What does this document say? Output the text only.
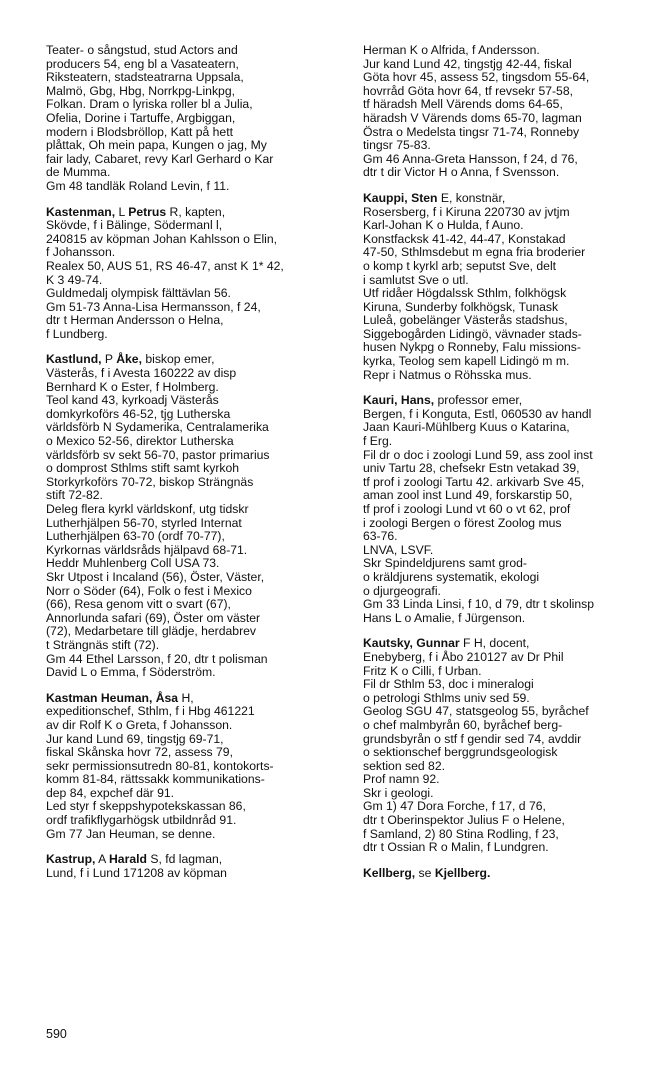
Teater- o sångstud, stud Actors and
producers 54, eng bl a Vasateatern,
Riksteatern, stadsteatrarna Uppsala,
Malmö, Gbg, Hbg, Norrkpg-Linkpg,
Folkan. Dram o lyriska roller bl a Julia,
Ofelia, Dorine i Tartuffe, Argbiggan,
modern i Blodsbröllop, Katt på hett
plåttak, Oh mein papa, Kungen o jag, My
fair lady, Cabaret, revy Karl Gerhard o Kar
de Mumma.
Gm 48 tandläk Roland Levin, f 11.
Kastenman, L Petrus R, kapten,
Skövde, f i Bälinge, Södermanl l,
240815 av köpman Johan Kahlsson o Elin,
f Johansson.
Realex 50, AUS 51, RS 46-47, anst K 1* 42,
K 3 49-74.
Guldmedalj olympisk fälttävlan 56.
Gm 51-73 Anna-Lisa Hermansson, f 24,
dtr t Herman Andersson o Helna,
f Lundberg.
Kastlund, P Åke, biskop emer,
Västerås, f i Avesta 160222 av disp
Bernhard K o Ester, f Holmberg.
Teol kand 43, kyrkoadj Västerås
domkyrkoförs 46-52, tjg Lutherska
världsförb N Sydamerika, Centralamerika
o Mexico 52-56, direktor Lutherska
världsförb sv sekt 56-70, pastor primarius
o domprost Sthlms stift samt kyrkoh
Storkyrkoförs 70-72, biskop Strängnäs
stift 72-82.
Deleg flera kyrkl världskonf, utg tidskr
Lutherhjälpen 56-70, styrled Internat
Lutherhjälpen 63-70 (ordf 70-77),
Kyrkornas världsråds hjälpavd 68-71.
Heddr Muhlenberg Coll USA 73.
Skr Utpost i Incaland (56), Öster, Väster,
Norr o Söder (64), Folk o fest i Mexico
(66), Resa genom vitt o svart (67),
Annorlunda safari (69), Öster om väster
(72), Medarbetare till glädje, herdabrev
t Strängnäs stift (72).
Gm 44 Ethel Larsson, f 20, dtr t polisman
David L o Emma, f Söderström.
Kastman Heuman, Åsa H,
expeditionschef, Sthlm, f i Hbg 461221
av dir Rolf K o Greta, f Johansson.
Jur kand Lund 69, tingstjg 69-71,
fiskal Skånska hovr 72, assess 79,
sekr permissionsutredn 80-81, kontokorts-
komm 81-84, rättssakk kommunikations-
dep 84, expchef där 91.
Led styr f skeppshypotekskassan 86,
ordf trafikflygarhögsk utbildnråd 91.
Gm 77 Jan Heuman, se denne.
Kastrup, A Harald S, fd lagman,
Lund, f i Lund 171208 av köpman
Herman K o Alfrida, f Andersson.
Jur kand Lund 42, tingstjg 42-44, fiskal
Göta hovr 45, assess 52, tingsdom 55-64,
hovrråd Göta hovr 64, tf revsekr 57-58,
tf häradsh Mell Värends doms 64-65,
häradsh V Värends doms 65-70, lagman
Östra o Medelsta tingsr 71-74, Ronneby
tingsr 75-83.
Gm 46 Anna-Greta Hansson, f 24, d 76,
dtr t dir Victor H o Anna, f Svensson.
Kauppi, Sten E, konstnär,
Rosersberg, f i Kiruna 220730 av jvtjm
Karl-Johan K o Hulda, f Auno.
Konstfacksk 41-42, 44-47, Konstakad
47-50, Sthlmsdebut m egna fria broderier
o komp t kyrkl arb; seputst Sve, delt
i samlutst Sve o utl.
Utf ridåer Högdalssk Sthlm, folkhögsk
Kiruna, Sunderby folkhögsk, Tunask
Luleå, gobelänger Västerås stadshus,
Siggebogården Lidingö, vävnader stads-
husen Nykpg o Ronneby, Falu missions-
kyrka, Teolog sem kapell Lidingö m m.
Repr i Natmus o Röhsska mus.
Kauri, Hans, professor emer,
Bergen, f i Konguta, Estl, 060530 av handl
Jaan Kauri-Mühlberg Kuus o Katarina,
f Erg.
Fil dr o doc i zoologi Lund 59, ass zool inst
univ Tartu 28, chefsekr Estn vetakad 39,
tf prof i zoologi Tartu 42. arkivarb Sve 45,
aman zool inst Lund 49, forskarstip 50,
tf prof i zoologi Lund vt 60 o vt 62, prof
i zoologi Bergen o förest Zoolog mus
63-76.
LNVA, LSVF.
Skr Spindeldjurens samt grod-
o kräldjurens systematik, ekologi
o djurgeografi.
Gm 33 Linda Linsi, f 10, d 79, dtr t skolinsp
Hans L o Amalie, f Jürgenson.
Kautsky, Gunnar F H, docent,
Enebyberg, f i Åbo 210127 av Dr Phil
Fritz K o Cilli, f Urban.
Fil dr Sthlm 53, doc i mineralogi
o petrologi Sthlms univ sed 59.
Geolog SGU 47, statsgeolog 55, byråchef
o chef malmbyrån 60, byråchef berg-
grundsbyrån o stf f gendir sed 74, avddir
o sektionschef berggrundsgeologisk
sektion sed 82.
Prof namn 92.
Skr i geologi.
Gm 1) 47 Dora Forche, f 17, d 76,
dtr t Oberinspektor Julius F o Helene,
f Samland, 2) 80 Stina Rodling, f 23,
dtr t Ossian R o Malin, f Lundgren.
Kellberg, se Kjellberg.
590
